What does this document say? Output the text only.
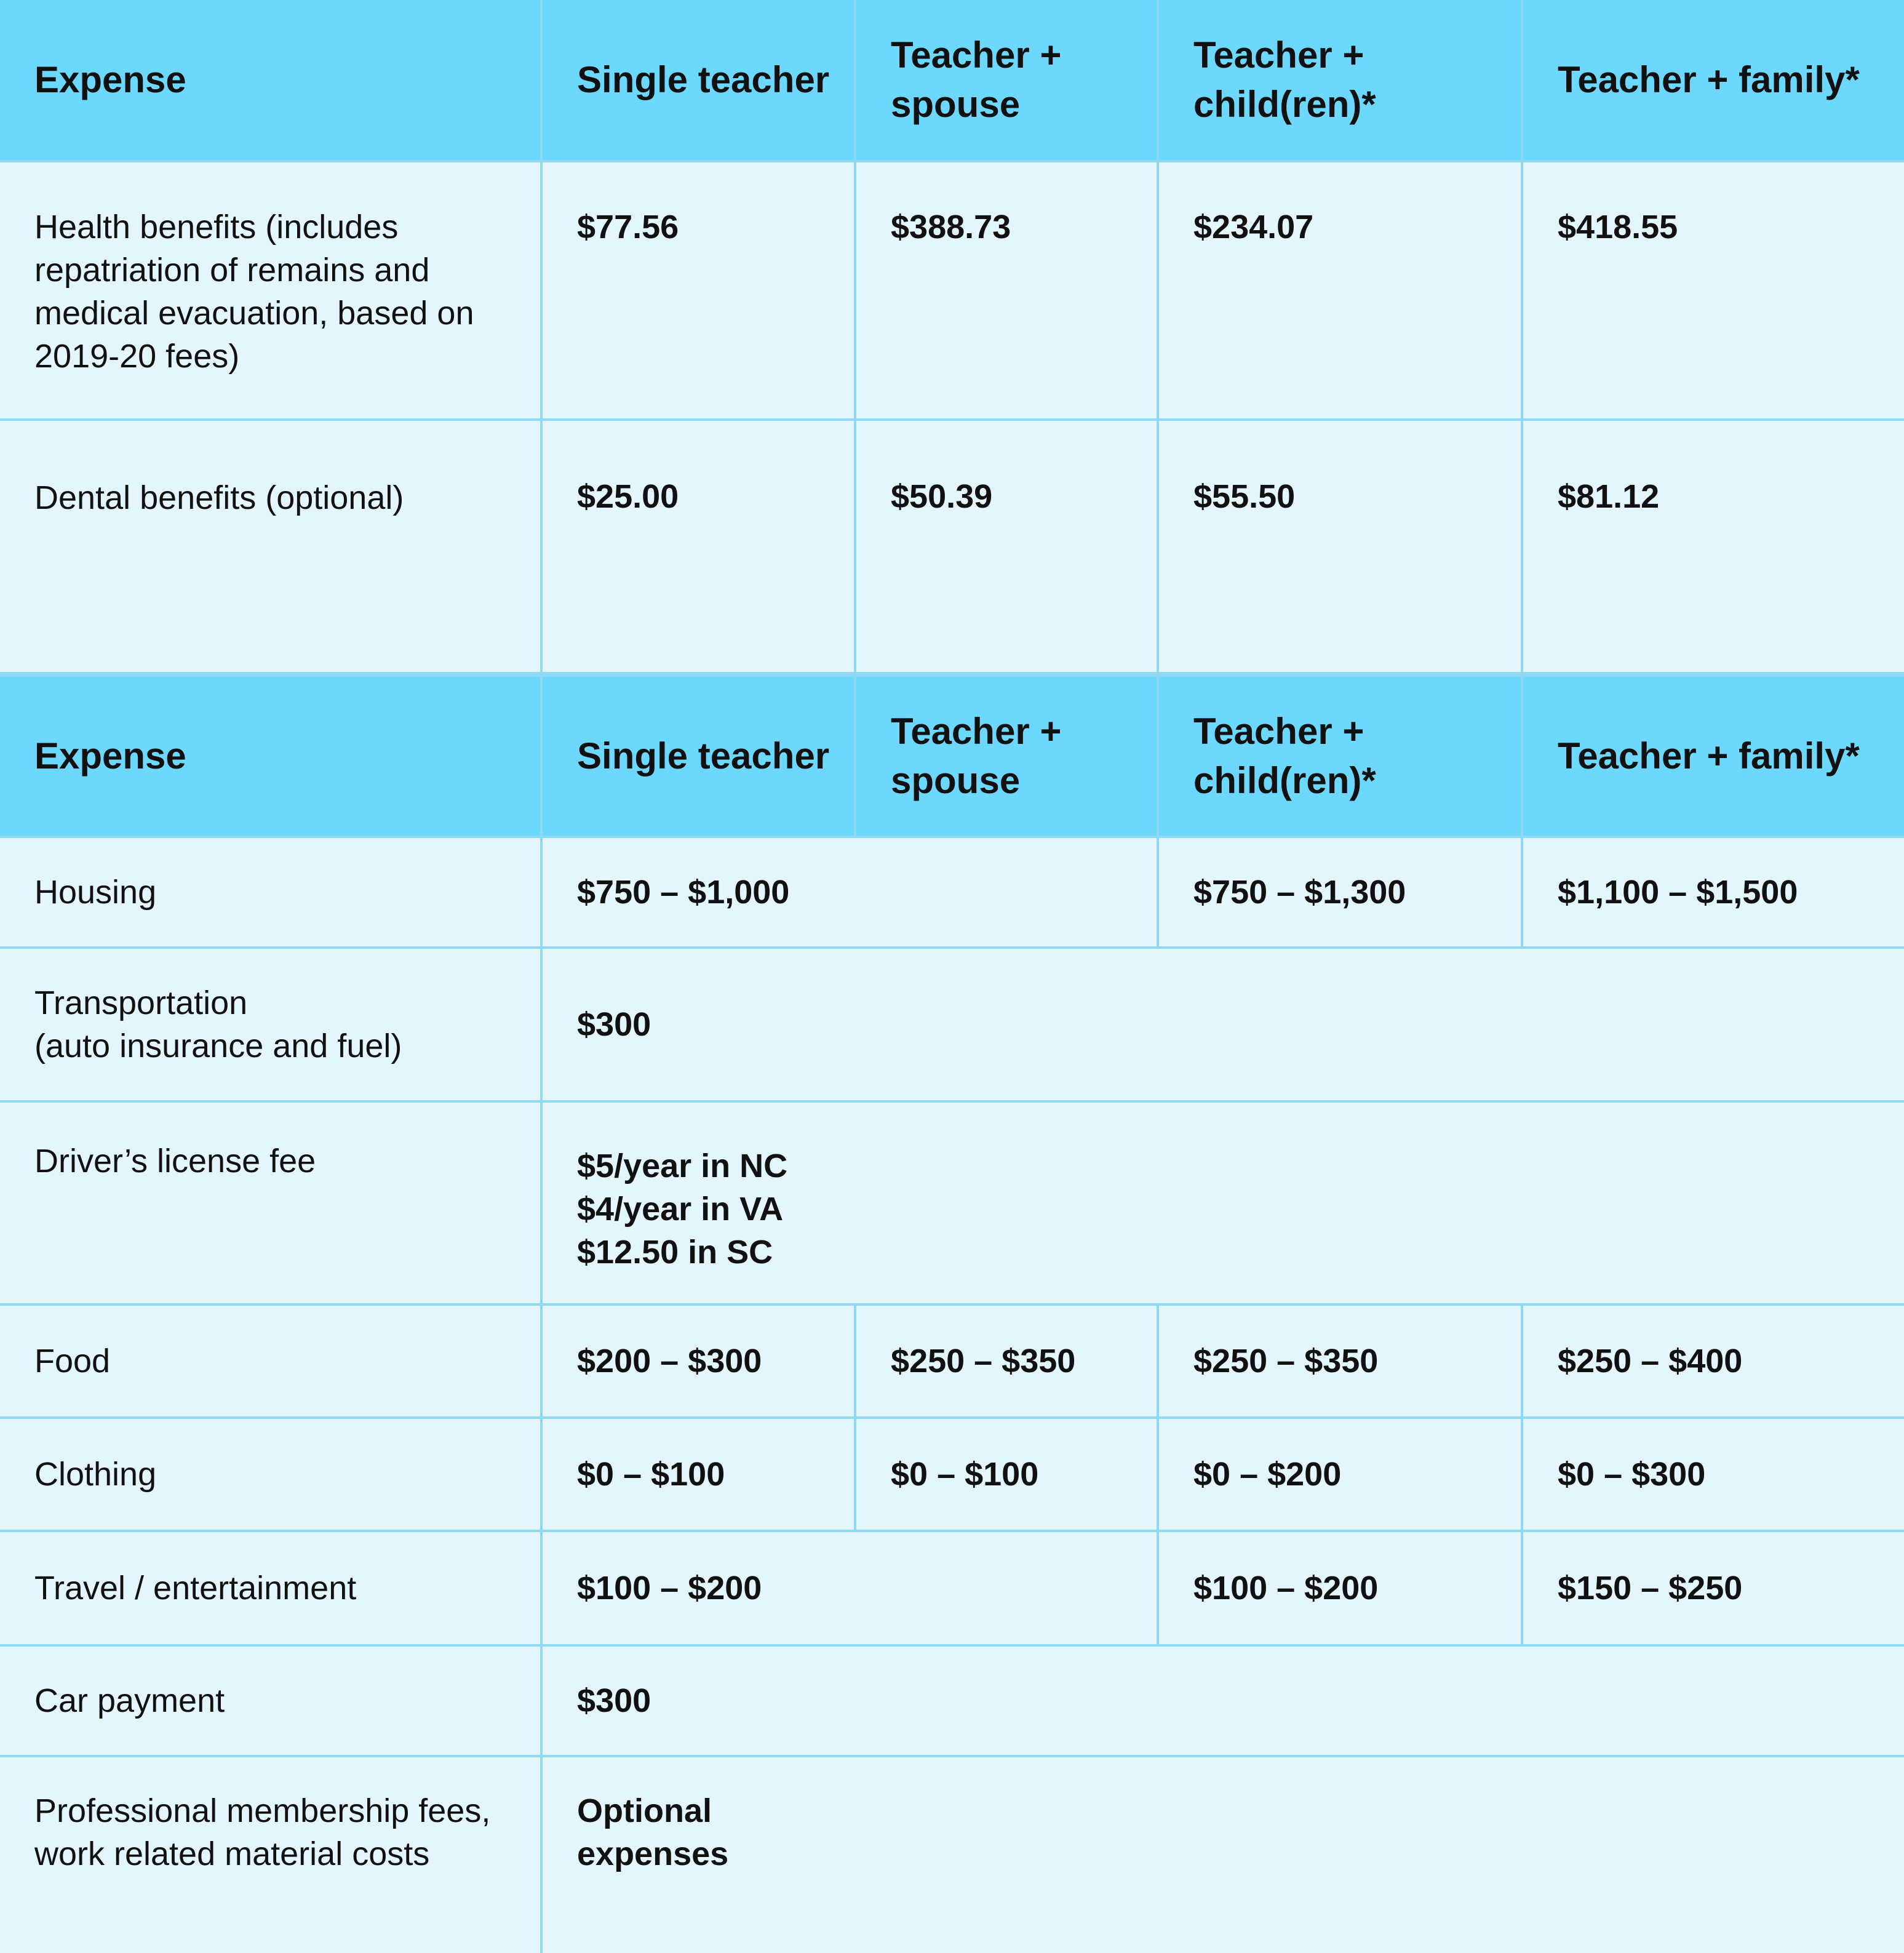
Expense	Single teacher	Teacher + spouse	Teacher + child(ren)*	Teacher + family*
Health benefits (includes repatriation of remains and medical evacuation, based on 2019-20 fees)	$77.56	$388.73	$234.07	$418.55
Dental benefits (optional)	$25.00	$50.39	$55.50	$81.12
Expense	Single teacher	Teacher + spouse	Teacher + child(ren)*	Teacher + family*
Housing	$750 – $1,000		$750 – $1,300	$1,100 – $1,500

Transportation
(auto insurance and fuel)	$300			
Driver’s license fee	$5/year in NC
$4/year in VA
$12.50 in SC			

Food	$200 – $300	$250 – $350	$250 – $350	$250 – $400
Clothing	$0 – $100	$0 – $100	$0 – $200	$0 – $300
Travel / entertainment	$100 – $200		$100 – $200	$150 – $250
Car payment	$300			
Professional membership fees, work related material costs	Optional expenses			
